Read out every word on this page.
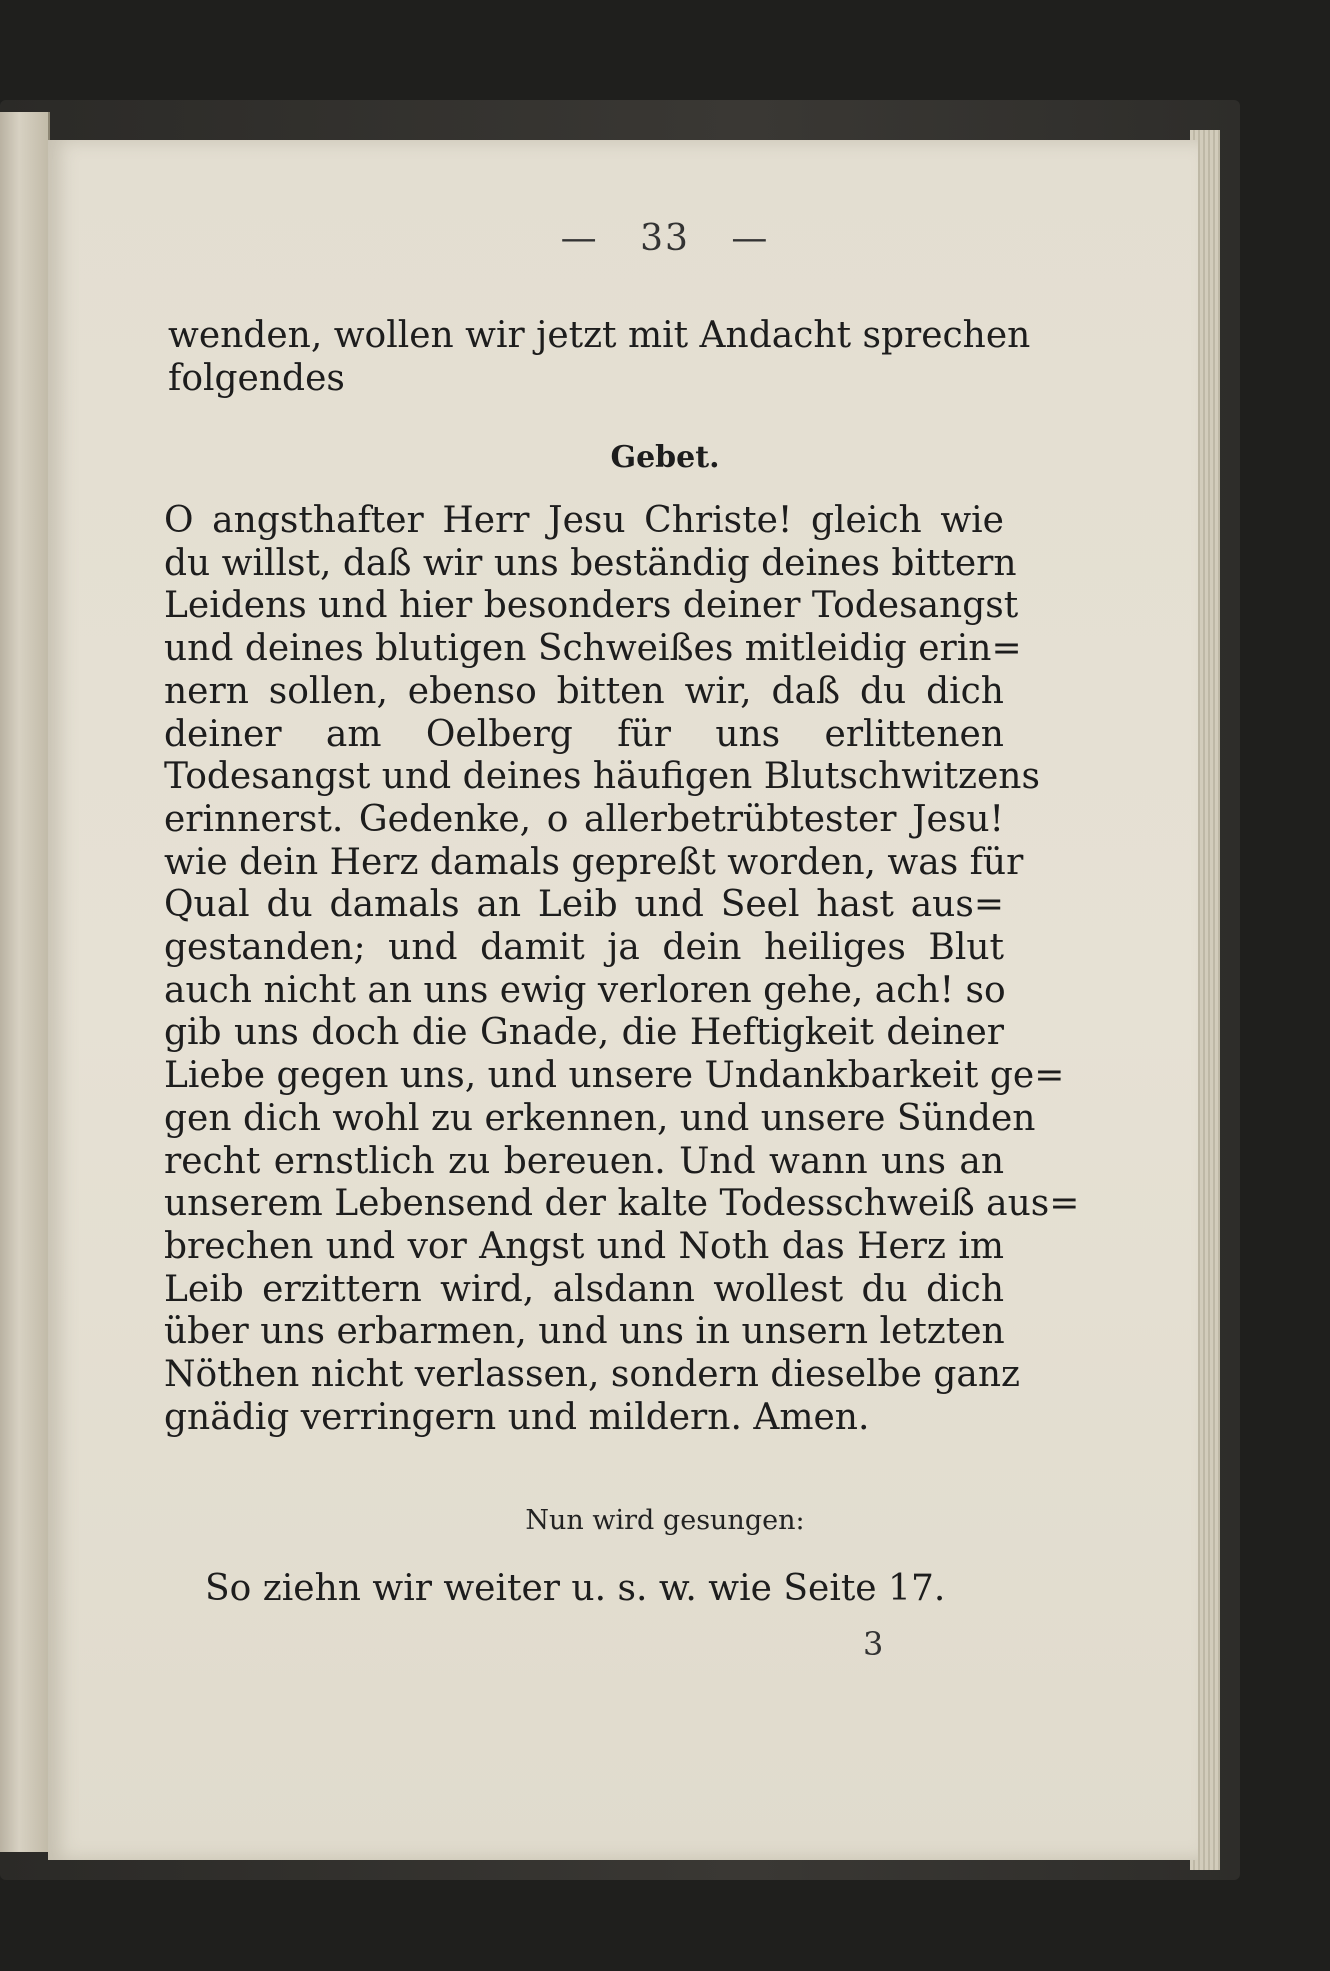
— 33 —
wenden, wollen wir jetzt mit Andacht sprechen
folgendes
Gebet.
O angsthafter Herr Jesu Christe! gleich wie
du willst, daß wir uns beständig deines bittern
Leidens und hier besonders deiner Todesangst
und deines blutigen Schweißes mitleidig erin=
nern sollen, ebenso bitten wir, daß du dich
deiner am Oelberg für uns erlittenen
Todesangst und deines häufigen Blutschwitzens
erinnerst. Gedenke, o allerbetrübtester Jesu!
wie dein Herz damals gepreßt worden, was für
Qual du damals an Leib und Seel hast aus=
gestanden; und damit ja dein heiliges Blut
auch nicht an uns ewig verloren gehe, ach! so
gib uns doch die Gnade, die Heftigkeit deiner
Liebe gegen uns, und unsere Undankbarkeit ge=
gen dich wohl zu erkennen, und unsere Sünden
recht ernstlich zu bereuen. Und wann uns an
unserem Lebensend der kalte Todesschweiß aus=
brechen und vor Angst und Noth das Herz im
Leib erzittern wird, alsdann wollest du dich
über uns erbarmen, und uns in unsern letzten
Nöthen nicht verlassen, sondern dieselbe ganz
gnädig verringern und mildern. Amen.
Nun wird gesungen:
So ziehn wir weiter u. s. w. wie Seite 17.
3
